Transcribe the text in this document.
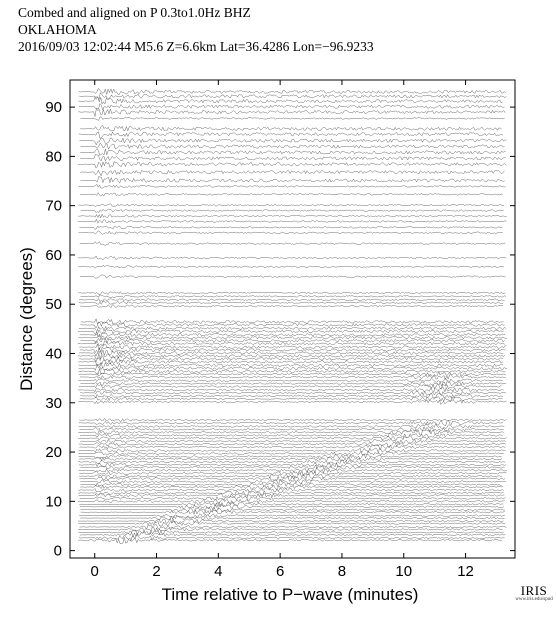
Combed and aligned on P 0.3to1.0Hz BHZ
OKLAHOMA
2016/09/03 12:02:44 M5.6 Z=6.6km Lat=36.4286 Lon=−96.9233
0	2	4	6	8	10	12
0
10
20
30
40
50
60
70
80
90
Time relative to P−wave (minutes)
Distance (degrees)
IRIS
www.iris.edu/spud
